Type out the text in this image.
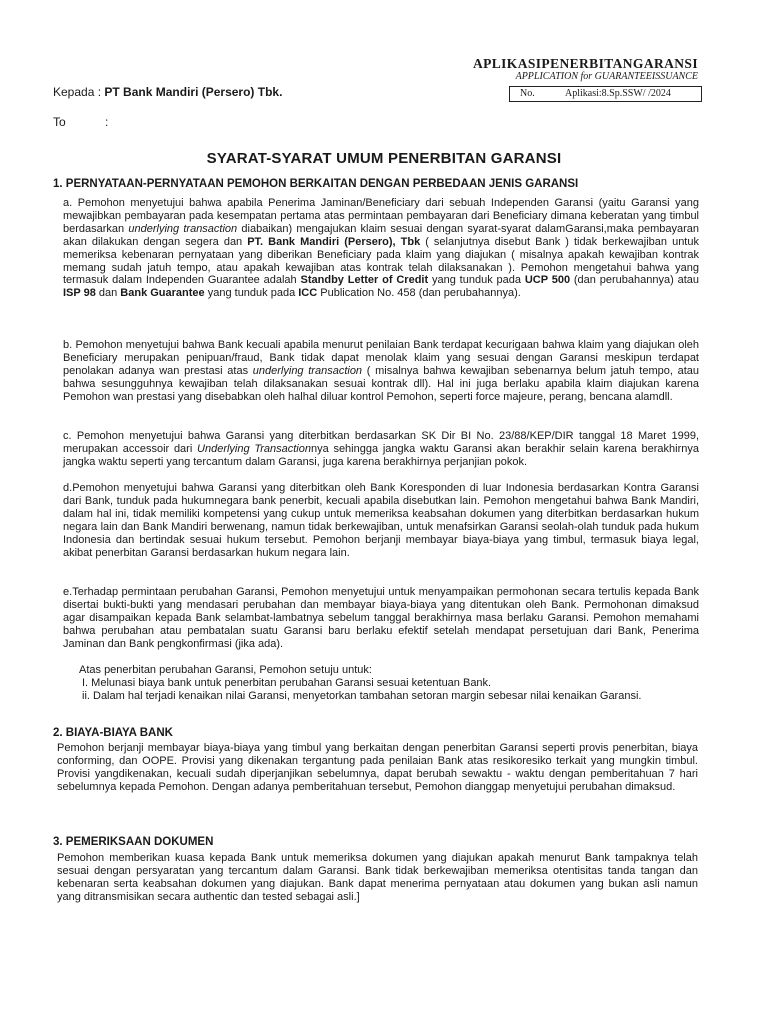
APLIKASIPENERBITANGARANSI
APPLICATION for GUARANTEEISSUANCE
No.	Aplikasi:8.Sp.SSW/ /2024
Kepada : PT Bank Mandiri (Persero) Tbk.
To	:
SYARAT-SYARAT UMUM PENERBITAN GARANSI
1. PERNYATAAN-PERNYATAAN PEMOHON BERKAITAN DENGAN PERBEDAAN JENIS GARANSI
a. Pemohon menyetujui bahwa apabila Penerima Jaminan/Beneficiary dari sebuah Independen Garansi (yaitu Garansi yang mewajibkan pembayaran pada kesempatan pertama atas permintaan pembayaran dari Beneficiary dimana keberatan yang timbul berdasarkan underlying transaction diabaikan) mengajukan klaim sesuai dengan syarat-syarat dalamGaransi,maka pembayaran akan dilakukan dengan segera dan PT. Bank Mandiri (Persero), Tbk ( selanjutnya disebut Bank ) tidak berkewajiban untuk memeriksa kebenaran pernyataan yang diberikan Beneficiary pada klaim yang diajukan ( misalnya apakah kewajiban kontrak memang sudah jatuh tempo, atau apakah kewajiban atas kontrak telah dilaksanakan ). Pemohon mengetahui bahwa yang termasuk dalam Independen Guarantee adalah Standby Letter of Credit yang tunduk pada UCP 500 (dan perubahannya) atau ISP 98 dan Bank Guarantee yang tunduk pada ICC Publication No. 458 (dan perubahannya).
b. Pemohon menyetujui bahwa Bank kecuali apabila menurut penilaian Bank terdapat kecurigaan bahwa klaim yang diajukan oleh Beneficiary merupakan penipuan/fraud, Bank tidak dapat menolak klaim yang sesuai dengan Garansi meskipun terdapat penolakan adanya wan prestasi atas underlying transaction ( misalnya bahwa kewajiban sebenarnya belum jatuh tempo, atau bahwa sesungguhnya kewajiban telah dilaksanakan sesuai kontrak dll). Hal ini juga berlaku apabila klaim diajukan karena Pemohon wan prestasi yang disebabkan oleh halhal diluar kontrol Pemohon, seperti force majeure, perang, bencana alamdll.
c. Pemohon menyetujui bahwa Garansi yang diterbitkan berdasarkan SK Dir BI No. 23/88/KEP/DIR tanggal 18 Maret 1999, merupakan accessoir dari Underlying Transactionnya sehingga jangka waktu Garansi akan berakhir selain karena berakhirnya jangka waktu seperti yang tercantum dalam Garansi, juga karena berakhirnya perjanjian pokok.
d.Pemohon menyetujui bahwa Garansi yang diterbitkan oleh Bank Koresponden di luar Indonesia berdasarkan Kontra Garansi dari Bank, tunduk pada hukumnegara bank penerbit, kecuali apabila disebutkan lain. Pemohon mengetahui bahwa Bank Mandiri, dalam hal ini, tidak memiliki kompetensi yang cukup untuk memeriksa keabsahan dokumen yang diterbitkan berdasarkan hukum negara lain dan Bank Mandiri berwenang, namun tidak berkewajiban, untuk menafsirkan Garansi seolah-olah tunduk pada hukum Indonesia dan bertindak sesuai hukum tersebut. Pemohon berjanji membayar biaya-biaya yang timbul, termasuk biaya legal, akibat penerbitan Garansi berdasarkan hukum negara lain.
e.Terhadap permintaan perubahan Garansi, Pemohon menyetujui untuk menyampaikan permohonan secara tertulis kepada Bank disertai bukti-bukti yang mendasari perubahan dan membayar biaya-biaya yang ditentukan oleh Bank. Permohonan dimaksud agar disampaikan kepada Bank selambat-lambatnya sebelum tanggal berakhirnya masa berlaku Garansi. Pemohon memahami bahwa perubahan atau pembatalan suatu Garansi baru berlaku efektif setelah mendapat persetujuan dari Bank, Penerima Jaminan dan Bank pengkonfirmasi (jika ada).
Atas penerbitan perubahan Garansi, Pemohon setuju untuk:
I. Melunasi biaya bank untuk penerbitan perubahan Garansi sesuai ketentuan Bank.
ii. Dalam hal terjadi kenaikan nilai Garansi, menyetorkan tambahan setoran margin sebesar nilai kenaikan Garansi.
2. BIAYA-BIAYA BANK
Pemohon berjanji membayar biaya-biaya yang timbul yang berkaitan dengan penerbitan Garansi seperti provis penerbitan, biaya conforming, dan OOPE. Provisi yang dikenakan tergantung pada penilaian Bank atas resikoresiko terkait yang mungkin timbul. Provisi yangdikenakan, kecuali sudah diperjanjikan sebelumnya, dapat berubah sewaktu - waktu dengan pemberitahuan 7 hari sebelumnya kepada Pemohon. Dengan adanya pemberitahuan tersebut, Pemohon dianggap menyetujui perubahan dimaksud.
3. PEMERIKSAAN DOKUMEN
Pemohon memberikan kuasa kepada Bank untuk memeriksa dokumen yang diajukan apakah menurut Bank tampaknya telah sesuai dengan persyaratan yang tercantum dalam Garansi. Bank tidak berkewajiban memeriksa otentisitas tanda tangan dan kebenaran serta keabsahan dokumen yang diajukan. Bank dapat menerima pernyataan atau dokumen yang bukan asli namun yang ditransmisikan secara authentic dan tested sebagai asli.]
